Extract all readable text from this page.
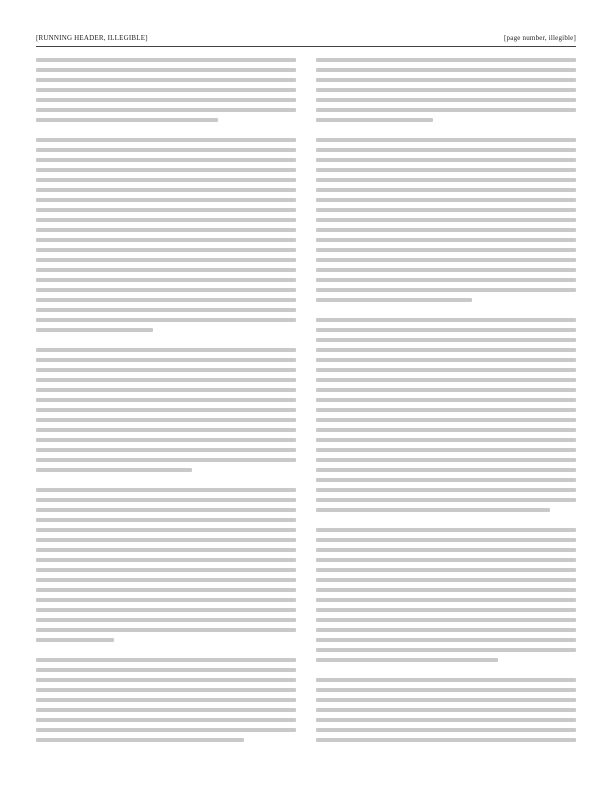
[RUNNING HEADER, ILLEGIBLE]	[page number, illegible]
